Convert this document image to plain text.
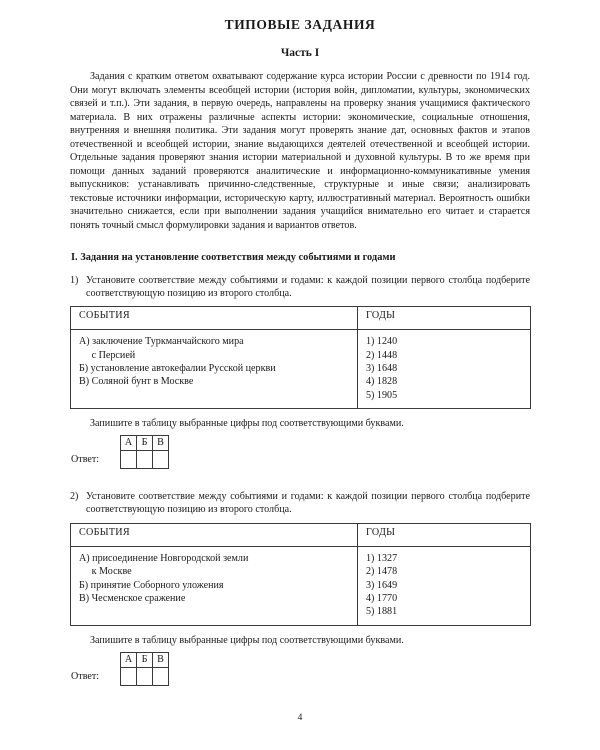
ТИПОВЫЕ ЗАДАНИЯ
Часть I

Задания с кратким ответом охватывают содержание курса истории России с древности по 1914 год. Они могут включать элементы всеобщей истории (история войн, дипломатии, культуры, экономических связей и т.п.). Эти задания, в первую очередь, направлены на проверку знания учащимися фактического материала. В них отражены различные аспекты истории: экономические, социальные отношения, внутренняя и внешняя политика. Эти задания могут проверять знание дат, основных фактов и этапов отечественной и всеобщей истории, знание выдающихся деятелей отечественной и всеобщей истории. Отдельные задания проверяют знания истории материальной и духовной культуры. В то же время при помощи данных заданий проверяются аналитические и информационно-коммуникативные умения выпускников: устанавливать причинно-следственные, структурные и иные связи; анализировать текстовые источники информации, историческую карту, иллюстративный материал. Вероятность ошибки значительно снижается, если при выполнении задания учащийся внимательно его читает и старается понять точный смысл формулировки задания и вариантов ответов.

I. Задания на установление соответствия между событиями и годами
1) Установите соответствие между событиями и годами: к каждой позиции первого столбца подберите соответствующую позицию из второго столбца.
СОБЫТИЯ	ГОДЫ

А) заключение Туркманчайского мира
с Персией
Б) установление автокефалии Русской церкви
В) Соляной бунт в Москве

1) 1240
2) 1448
3) 1648
4) 1828
5) 1905
Запишите в таблицу выбранные цифры под соответствующими буквами.
Ответ:
А	Б	В

2) Установите соответствие между событиями и годами: к каждой позиции первого столбца подберите соответствующую позицию из второго столбца.
СОБЫТИЯ	ГОДЫ

А) присоединение Новгородской земли
к Москве
Б) принятие Соборного уложения
В) Чесменское сражение

1) 1327
2) 1478
3) 1649
4) 1770
5) 1881
Запишите в таблицу выбранные цифры под соответствующими буквами.
Ответ:
А	Б	В

4
